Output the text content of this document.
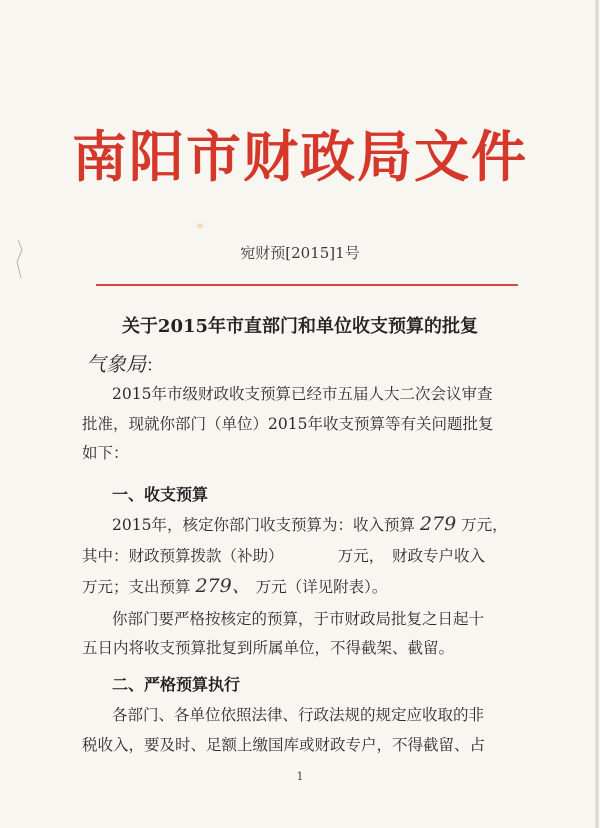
南阳市财政局文件
宛财预[2015]1号
关于2015年市直部门和单位收支预算的批复
气象局：
2015年市级财政收支预算已经市五届人大二次会议审查
批准，现就你部门（单位）2015年收支预算等有关问题批复
如下：
一、收支预算
2015年，核定你部门收支预算为：收入预算 279 万元，
其中：财政预算拨款（补助）　　　　万元，　财政专户收入
万元；支出预算 279、 万元（详见附表）。
你部门要严格按核定的预算，于市财政局批复之日起十
五日内将收支预算批复到所属单位，不得截架、截留。
二、严格预算执行
各部门、各单位依照法律、行政法规的规定应收取的非
税收入，要及时、足额上缴国库或财政专户，不得截留、占
1
